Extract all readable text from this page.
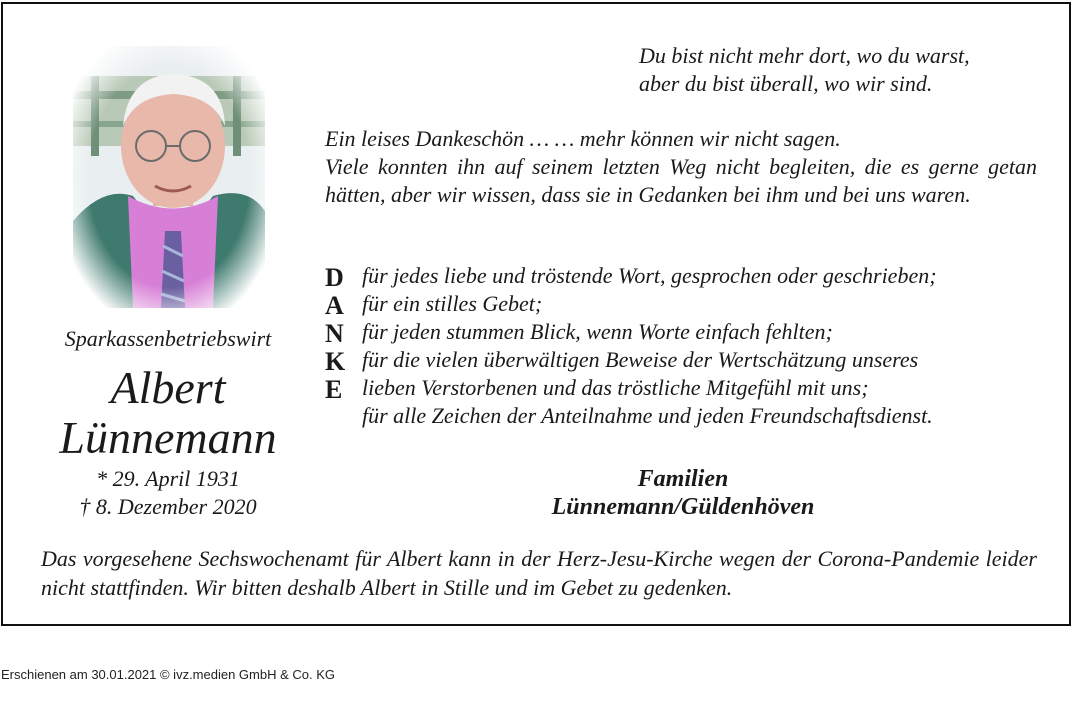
Sparkassenbetriebswirt
Albert
Lünnemann
* 29. April 1931
† 8. Dezember 2020
Du bist nicht mehr dort, wo du warst,
aber du bist überall, wo wir sind.
Ein leises Dankeschön … … mehr können wir nicht sagen.
Viele konnten ihn auf seinem letzten Weg nicht begleiten, die es gerne getan hätten, aber wir wissen, dass sie in Gedanken bei ihm und bei uns waren.
D für jedes liebe und tröstende Wort, gesprochen oder geschrieben;
A für ein stilles Gebet;
N für jeden stummen Blick, wenn Worte einfach fehlten;
K für die vielen überwältigen Beweise der Wertschätzung unseres
E lieben Verstorbenen und das tröstliche Mitgefühl mit uns;
für alle Zeichen der Anteilnahme und jeden Freundschaftsdienst.
Familien
Lünnemann/Güldenhöven
Das vorgesehene Sechswochenamt für Albert kann in der Herz-Jesu-Kirche wegen der Corona-Pandemie leider nicht stattfinden. Wir bitten deshalb Albert in Stille und im Gebet zu gedenken.
Erschienen am 30.01.2021 © ivz.medien GmbH & Co. KG
